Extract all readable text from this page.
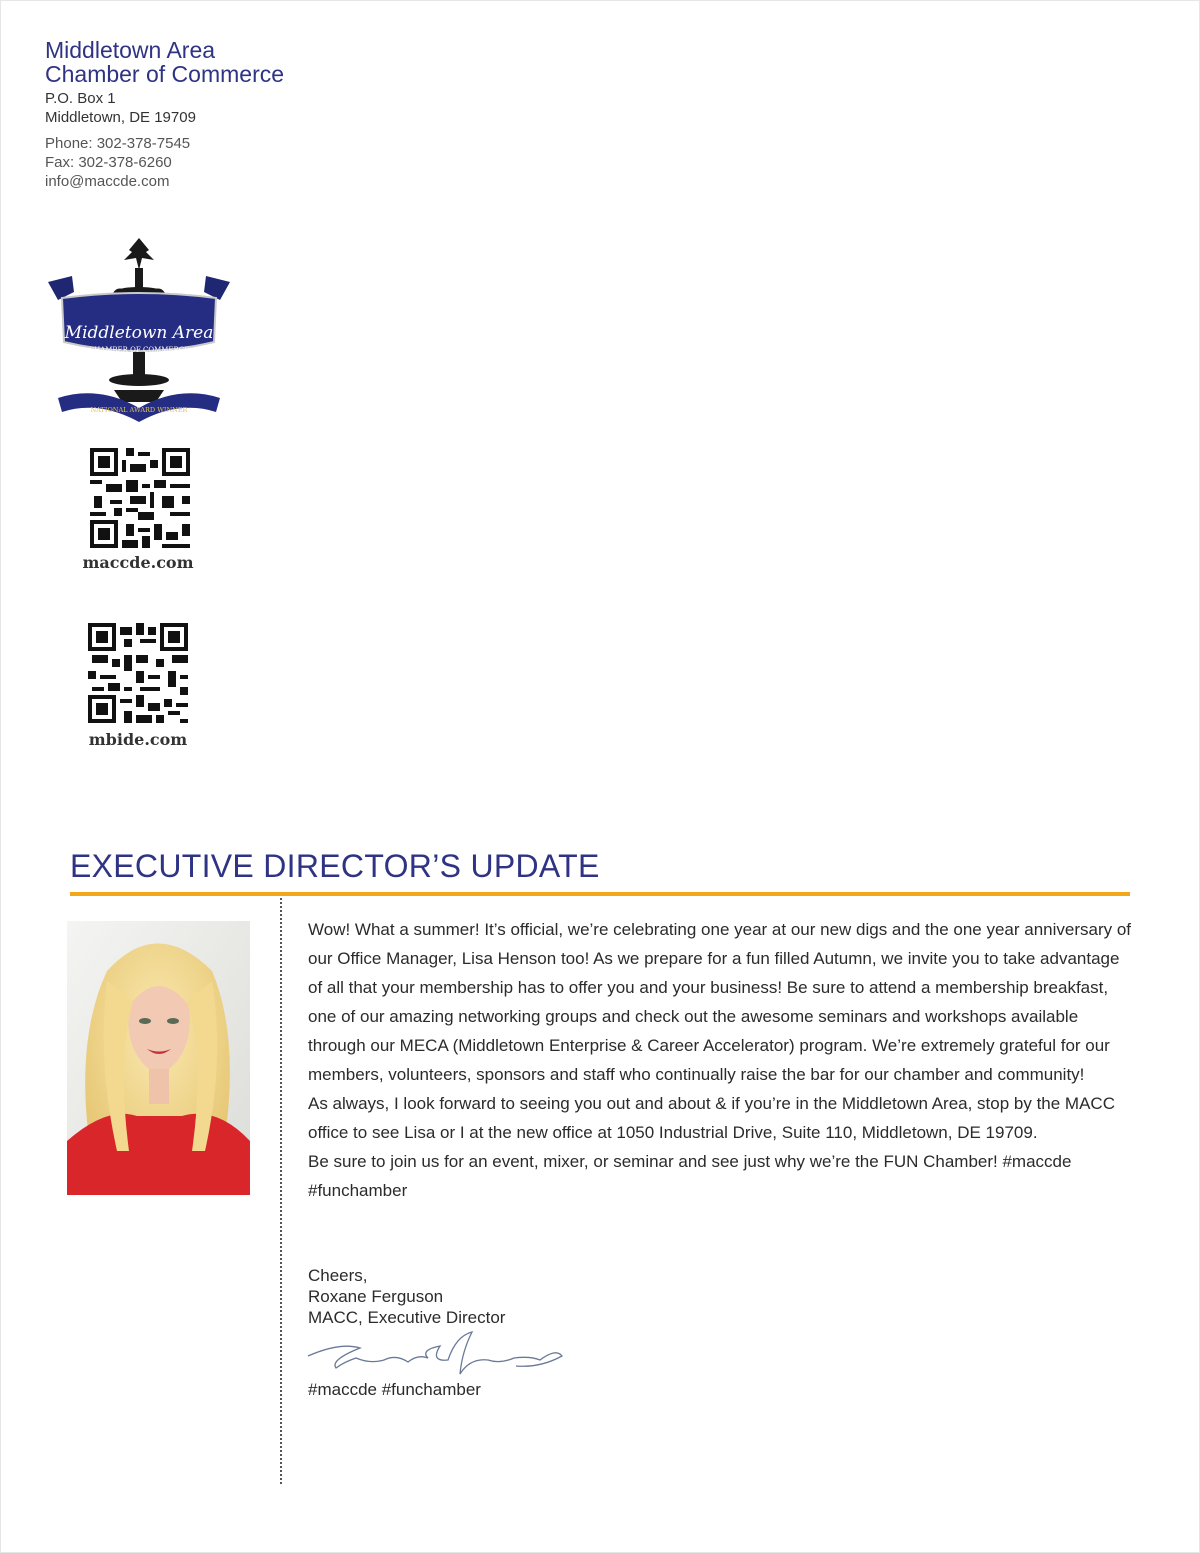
Middletown Area
Chamber of Commerce
P.O. Box 1
Middletown, DE 19709
Phone: 302-378-7545
Fax: 302-378-6260
info@maccde.com
Middletown Area
CHAMBER OF COMMERCE
NATIONAL AWARD WINNER
maccde.com
mbide.com
EXECUTIVE DIRECTOR’S UPDATE

Wow! What a summer! It’s official, we’re celebrating one year at our new digs and the one year anniversary of our Office Manager, Lisa Henson too! As we prepare for a fun filled Autumn, we invite you to take advantage of all that your membership has to offer you and your business! Be sure to attend a membership breakfast, one of our amazing networking groups and check out the awesome seminars and workshops available through our MECA (Middletown Enterprise & Career Accelerator) program. We’re extremely grateful for our members, volunteers, sponsors and staff who continually raise the bar for our chamber and community!

As always, I look forward to seeing you out and about & if you’re in the Middletown Area, stop by the MACC office to see Lisa or I at the new office at 1050 Industrial Drive, Suite 110, Middletown, DE 19709.

Be sure to join us for an event, mixer, or seminar and see just why we’re the FUN Chamber! #maccde #funchamber

Cheers,
Roxane Ferguson
MACC, Executive Director
#maccde #funchamber
